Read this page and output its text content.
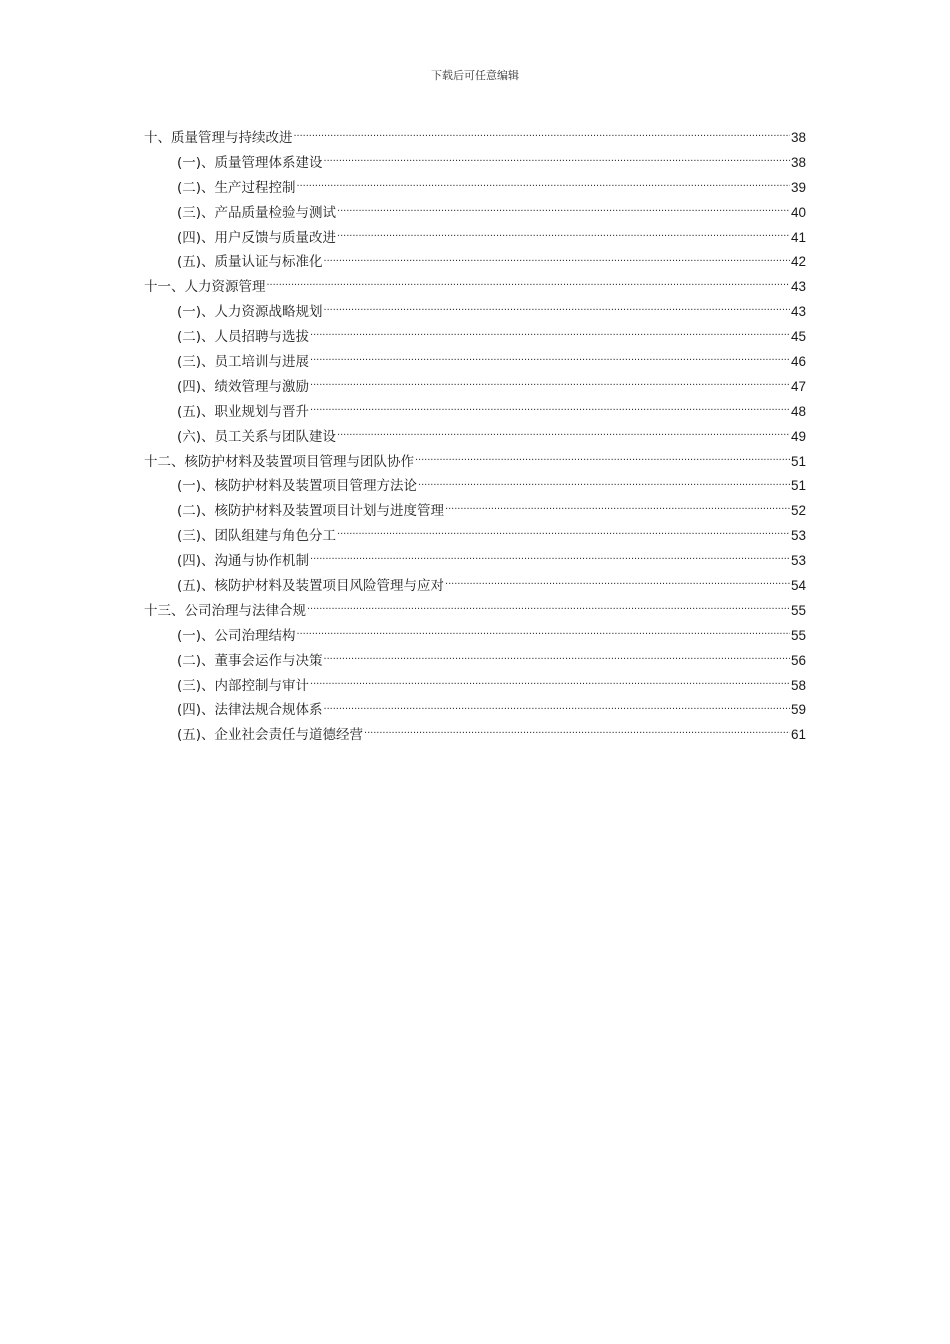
下载后可任意编辑
十、质量管理与持续改进 .....	38
(一)、质量管理体系建设 .....	38
(二)、生产过程控制 .....	39
(三)、产品质量检验与测试 .....	40
(四)、用户反馈与质量改进 .....	41
(五)、质量认证与标准化 .....	42
十一、人力资源管理 .....	43
(一)、人力资源战略规划 .....	43
(二)、人员招聘与选拔 .....	45
(三)、员工培训与进展 .....	46
(四)、绩效管理与激励 .....	47
(五)、职业规划与晋升 .....	48
(六)、员工关系与团队建设 .....	49
十二、核防护材料及装置项目管理与团队协作 .....	51
(一)、核防护材料及装置项目管理方法论 .....	51
(二)、核防护材料及装置项目计划与进度管理 .....	52
(三)、团队组建与角色分工 .....	53
(四)、沟通与协作机制 .....	53
(五)、核防护材料及装置项目风险管理与应对 .....	54
十三、公司治理与法律合规 .....	55
(一)、公司治理结构 .....	55
(二)、董事会运作与决策 .....	56
(三)、内部控制与审计 .....	58
(四)、法律法规合规体系 .....	59
(五)、企业社会责任与道德经营 .....	61
